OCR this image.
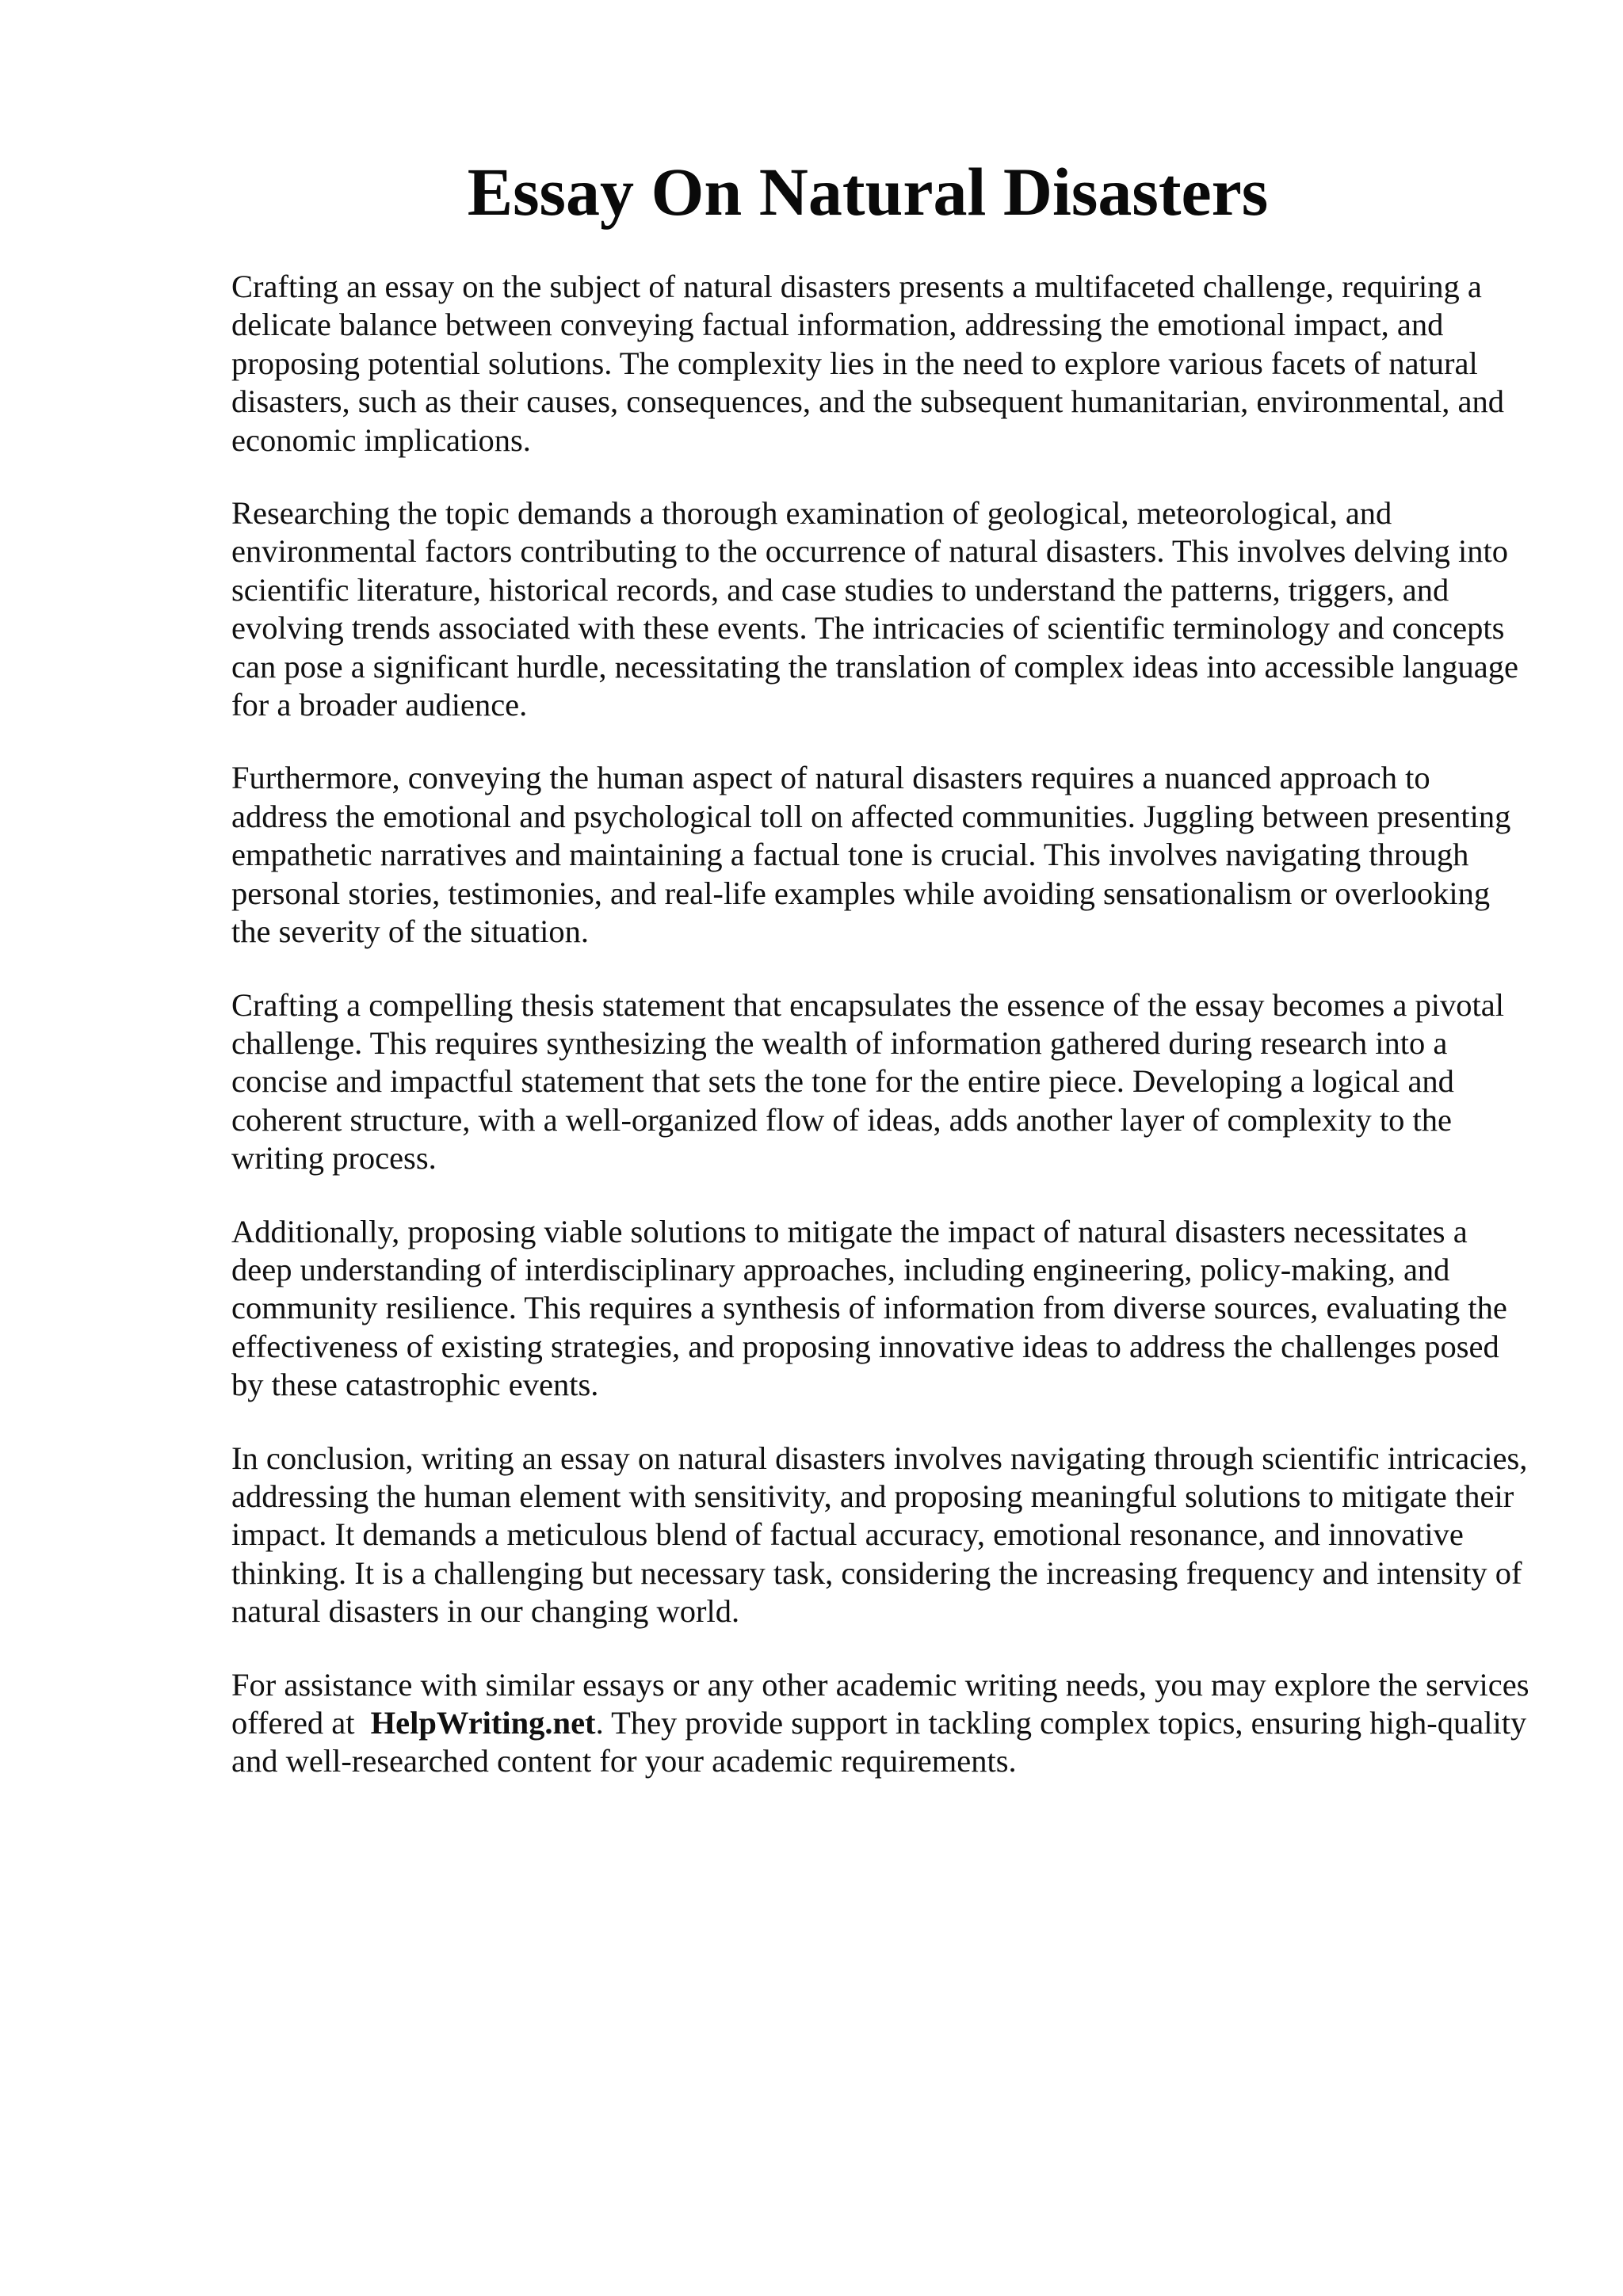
Essay On Natural Disasters

Crafting an essay on the subject of natural disasters presents a multifaceted challenge, requiring a delicate balance between conveying factual information, addressing the emotional impact, and proposing potential solutions. The complexity lies in the need to explore various facets of natural disasters, such as their causes, consequences, and the subsequent humanitarian, environmental, and economic implications.

Researching the topic demands a thorough examination of geological, meteorological, and environmental factors contributing to the occurrence of natural disasters. This involves delving into scientific literature, historical records, and case studies to understand the patterns, triggers, and evolving trends associated with these events. The intricacies of scientific terminology and concepts can pose a significant hurdle, necessitating the translation of complex ideas into accessible language for a broader audience.

Furthermore, conveying the human aspect of natural disasters requires a nuanced approach to address the emotional and psychological toll on affected communities. Juggling between presenting empathetic narratives and maintaining a factual tone is crucial. This involves navigating through personal stories, testimonies, and real-life examples while avoiding sensationalism or overlooking the severity of the situation.

Crafting a compelling thesis statement that encapsulates the essence of the essay becomes a pivotal challenge. This requires synthesizing the wealth of information gathered during research into a concise and impactful statement that sets the tone for the entire piece. Developing a logical and coherent structure, with a well-organized flow of ideas, adds another layer of complexity to the writing process.

Additionally, proposing viable solutions to mitigate the impact of natural disasters necessitates a deep understanding of interdisciplinary approaches, including engineering, policy-making, and community resilience. This requires a synthesis of information from diverse sources, evaluating the effectiveness of existing strategies, and proposing innovative ideas to address the challenges posed by these catastrophic events.

In conclusion, writing an essay on natural disasters involves navigating through scientific intricacies, addressing the human element with sensitivity, and proposing meaningful solutions to mitigate their impact. It demands a meticulous blend of factual accuracy, emotional resonance, and innovative thinking. It is a challenging but necessary task, considering the increasing frequency and intensity of natural disasters in our changing world.

For assistance with similar essays or any other academic writing needs, you may explore the services offered at HelpWriting.net. They provide support in tackling complex topics, ensuring high-quality and well-researched content for your academic requirements.
